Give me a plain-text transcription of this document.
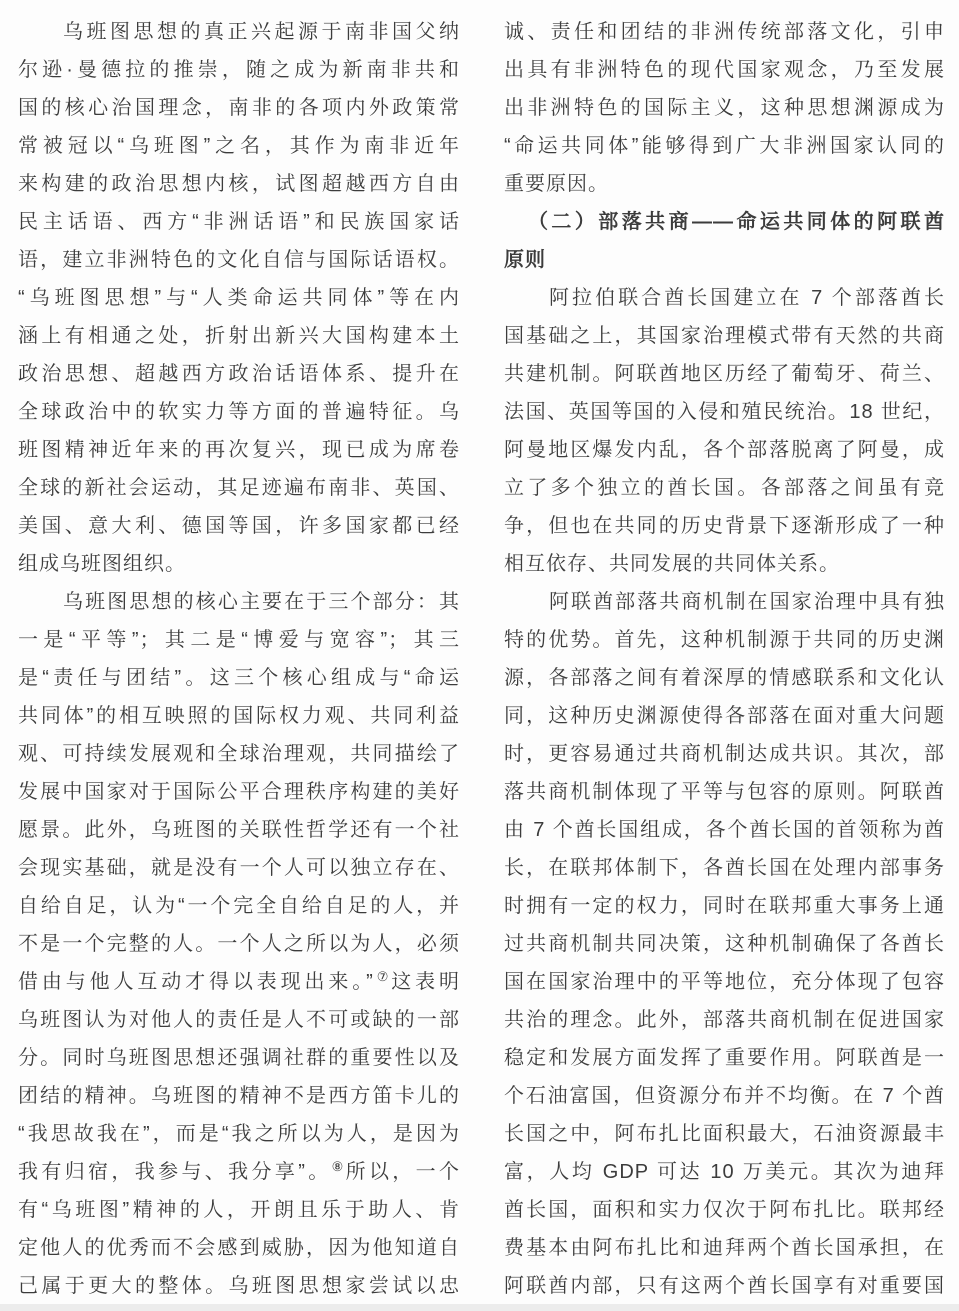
乌班图思想的真正兴起源于南非国父纳
尔逊·曼德拉的推崇，随之成为新南非共和
国的核心治国理念，南非的各项内外政策常
常被冠以“乌班图”之名，其作为南非近年
来构建的政治思想内核，试图超越西方自由
民主话语、西方“非洲话语”和民族国家话
语，建立非洲特色的文化自信与国际话语权。
“乌班图思想”与“人类命运共同体”等在内
涵上有相通之处，折射出新兴大国构建本土
政治思想、超越西方政治话语体系、提升在
全球政治中的软实力等方面的普遍特征。乌
班图精神近年来的再次复兴，现已成为席卷
全球的新社会运动，其足迹遍布南非、英国、
美国、意大利、德国等国，许多国家都已经
组成乌班图组织。
乌班图思想的核心主要在于三个部分：其
一是“平等”；其二是“博爱与宽容”；其三
是“责任与团结”。这三个核心组成与“命运
共同体”的相互映照的国际权力观、共同利益
观、可持续发展观和全球治理观，共同描绘了
发展中国家对于国际公平合理秩序构建的美好
愿景。此外，乌班图的关联性哲学还有一个社
会现实基础，就是没有一个人可以独立存在、
自给自足，认为“一个完全自给自足的人，并
不是一个完整的人。一个人之所以为人，必须
借由与他人互动才得以表现出来。”⑦这表明
乌班图认为对他人的责任是人不可或缺的一部
分。同时乌班图思想还强调社群的重要性以及
团结的精神。乌班图的精神不是西方笛卡儿的
“我思故我在”，而是“我之所以为人，是因为
我有归宿，我参与、我分享”。⑧所以，一个
有“乌班图”精神的人，开朗且乐于助人、肯
定他人的优秀而不会感到威胁，因为他知道自
己属于更大的整体。乌班图思想家尝试以忠
诚、责任和团结的非洲传统部落文化，引申
出具有非洲特色的现代国家观念，乃至发展
出非洲特色的国际主义，这种思想渊源成为
“命运共同体”能够得到广大非洲国家认同的
重要原因。
（二）部落共商——命运共同体的阿联酋
原则
阿拉伯联合酋长国建立在 7 个部落酋长
国基础之上，其国家治理模式带有天然的共商
共建机制。阿联酋地区历经了葡萄牙、荷兰、
法国、英国等国的入侵和殖民统治。18 世纪，
阿曼地区爆发内乱，各个部落脱离了阿曼，成
立了多个独立的酋长国。各部落之间虽有竞
争，但也在共同的历史背景下逐渐形成了一种
相互依存、共同发展的共同体关系。
阿联酋部落共商机制在国家治理中具有独
特的优势。首先，这种机制源于共同的历史渊
源，各部落之间有着深厚的情感联系和文化认
同，这种历史渊源使得各部落在面对重大问题
时，更容易通过共商机制达成共识。其次，部
落共商机制体现了平等与包容的原则。阿联酋
由 7 个酋长国组成，各个酋长国的首领称为酋
长，在联邦体制下，各酋长国在处理内部事务
时拥有一定的权力，同时在联邦重大事务上通
过共商机制共同决策，这种机制确保了各酋长
国在国家治理中的平等地位，充分体现了包容
共治的理念。此外，部落共商机制在促进国家
稳定和发展方面发挥了重要作用。阿联酋是一
个石油富国，但资源分布并不均衡。在 7 个酋
长国之中，阿布扎比面积最大，石油资源最丰
富，人均 GDP 可达 10 万美元。其次为迪拜
酋长国，面积和实力仅次于阿布扎比。联邦经
费基本由阿布扎比和迪拜两个酋长国承担，在
阿联酋内部，只有这两个酋长国享有对重要国
